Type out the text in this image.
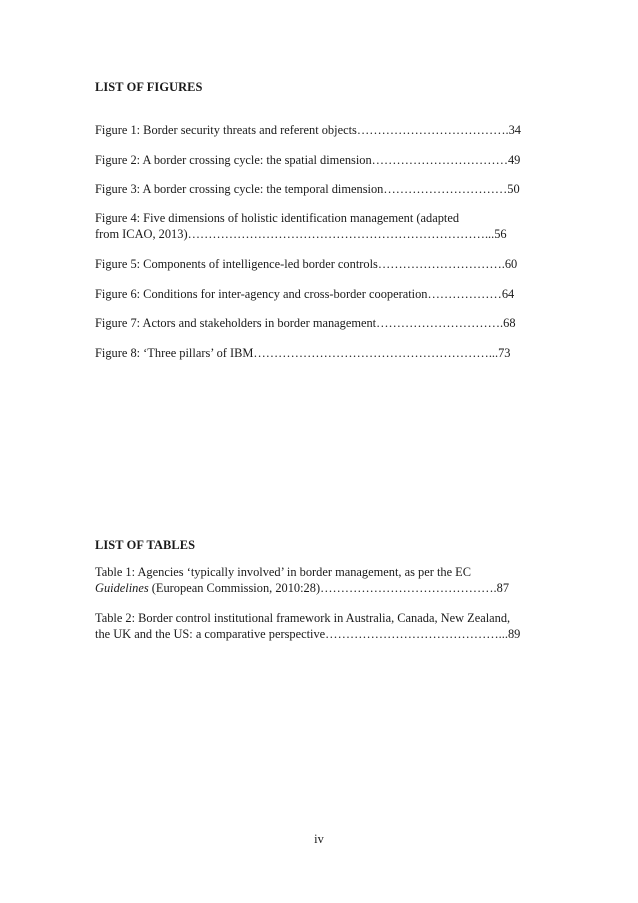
LIST OF FIGURES
Figure 1: Border security threats and referent objects……………………………….34
Figure 2: A border crossing cycle: the spatial dimension……………………………49
Figure 3: A border crossing cycle: the temporal dimension…………………………50
Figure 4: Five dimensions of holistic identification management (adapted
from ICAO, 2013)………………………………………………………………...56
Figure 5: Components of intelligence-led border controls………………………….60
Figure 6: Conditions for inter-agency and cross-border cooperation………………64
Figure 7: Actors and stakeholders in border management………………………….68
Figure 8: ‘Three pillars’ of IBM…………………………………………………...73
LIST OF TABLES
Table 1: Agencies ‘typically involved’ in border management, as per the EC
Guidelines (European Commission, 2010:28)…………………………………….87
Table 2: Border control institutional framework in Australia, Canada, New Zealand,
the UK and the US: a comparative perspective……………………………………...89
iv
